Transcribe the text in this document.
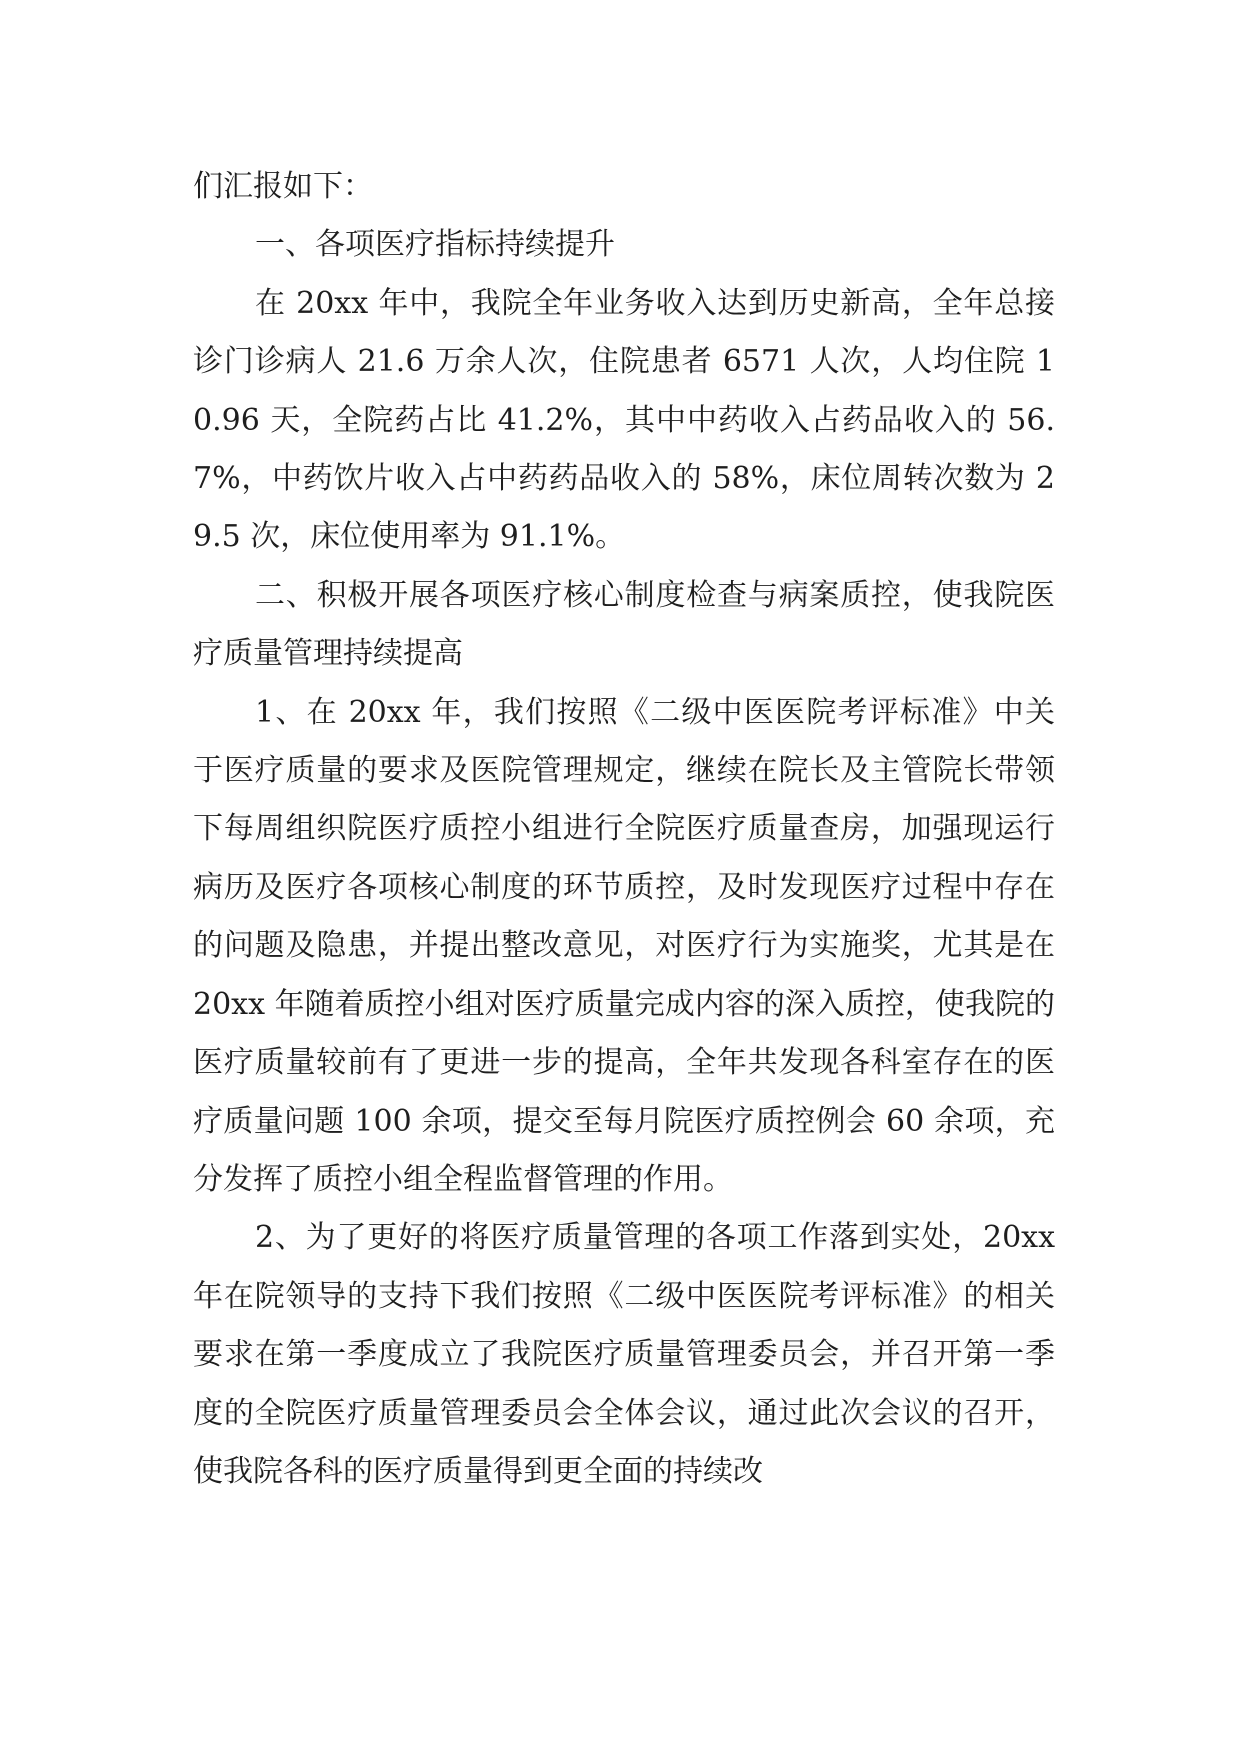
们汇报如下：

一、各项医疗指标持续提升

在 20xx 年中，我院全年业务收入达到历史新高，全年总接诊门诊病人 21.6 万余人次，住院患者 6571 人次，人均住院 10.96 天，全院药占比 41.2%，其中中药收入占药品收入的 56.7%，中药饮片收入占中药药品收入的 58%，床位周转次数为 29.5 次，床位使用率为 91.1%。

二、积极开展各项医疗核心制度检查与病案质控，使我院医疗质量管理持续提高

1、在 20xx 年，我们按照《二级中医医院考评标准》中关于医疗质量的要求及医院管理规定，继续在院长及主管院长带领下每周组织院医疗质控小组进行全院医疗质量查房，加强现运行病历及医疗各项核心制度的环节质控，及时发现医疗过程中存在的问题及隐患，并提出整改意见，对医疗行为实施奖，尤其是在 20xx 年随着质控小组对医疗质量完成内容的深入质控，使我院的医疗质量较前有了更进一步的提高，全年共发现各科室存在的医疗质量问题 100 余项，提交至每月院医疗质控例会 60 余项，充分发挥了质控小组全程监督管理的作用。

2、为了更好的将医疗质量管理的各项工作落到实处，20xx年在院领导的支持下我们按照《二级中医医院考评标准》的相关要求在第一季度成立了我院医疗质量管理委员会，并召开第一季度的全院医疗质量管理委员会全体会议，通过此次会议的召开，使我院各科的医疗质量得到更全面的持续改
